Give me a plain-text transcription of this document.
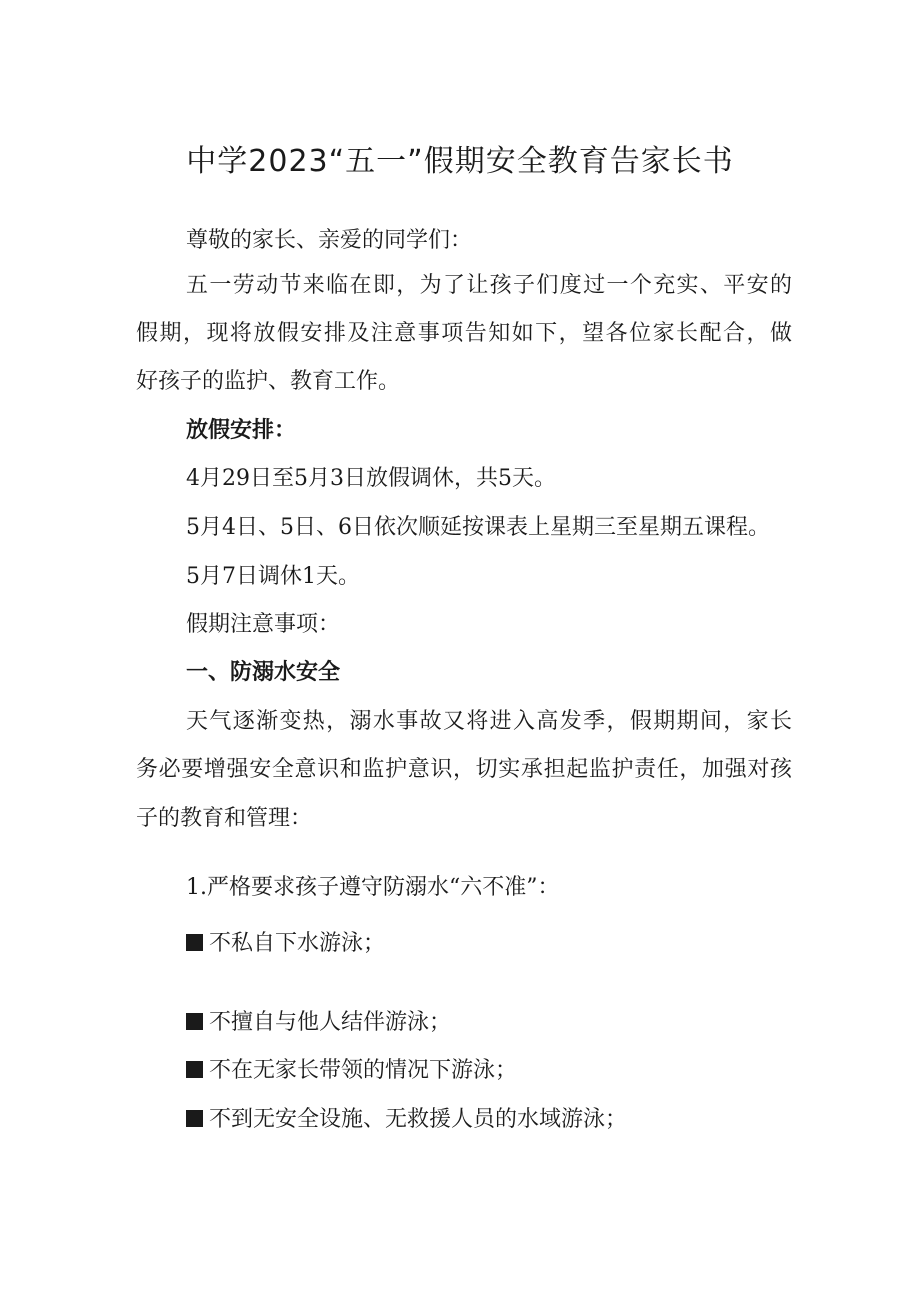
中学2023“五一”假期安全教育告家长书
尊敬的家长、亲爱的同学们：
五一劳动节来临在即，为了让孩子们度过一个充实、平安的
假期，现将放假安排及注意事项告知如下，望各位家长配合，做
好孩子的监护、教育工作。
放假安排：
4月29日至5月3日放假调休，共5天。
5月4日、5日、6日依次顺延按课表上星期三至星期五课程。
5月7日调休1天。
假期注意事项：
一、防溺水安全
天气逐渐变热，溺水事故又将进入高发季，假期期间，家长
务必要增强安全意识和监护意识，切实承担起监护责任，加强对孩
子的教育和管理：
1.严格要求孩子遵守防溺水“六不准”：
不私自下水游泳；
不擅自与他人结伴游泳；
不在无家长带领的情况下游泳；
不到无安全设施、无救援人员的水域游泳；
